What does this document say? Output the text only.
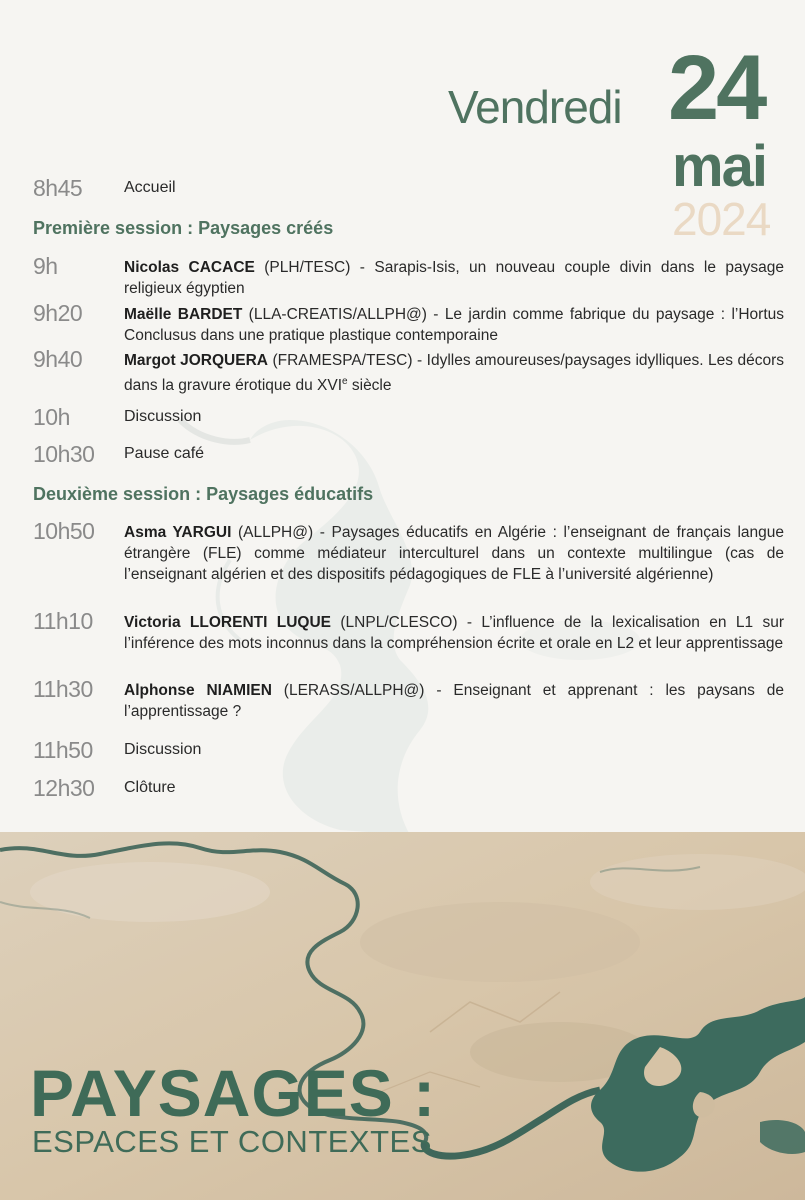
Vendredi 24
mai
2024
8h45	Accueil
Première session : Paysages créés
9h	Nicolas CACACE (PLH/TESC) - Sarapis-Isis, un nouveau couple divin dans le paysage religieux égyptien
9h20	Maëlle BARDET (LLA-CREATIS/ALLPH@) - Le jardin comme fabrique du paysage : l’Hortus Conclusus dans une pratique plastique contemporaine
9h40	Margot JORQUERA (FRAMESPA/TESC) - Idylles amoureuses/paysages idylliques. Les décors dans la gravure érotique du XVIe siècle
10h	Discussion
10h30 Pause café
Deuxième session : Paysages éducatifs
10h50 Asma YARGUI (ALLPH@) - Paysages éducatifs en Algérie : l’enseignant de français langue étrangère (FLE) comme médiateur interculturel dans un contexte multilingue (cas de l’enseignant algérien et des dispositifs pédagogiques de FLE à l’université algérienne)
11h10 Victoria LLORENTI LUQUE (LNPL/CLESCO) - L’influence de la lexicalisation en L1 sur l’inférence des mots inconnus dans la compréhension écrite et orale en L2 et leur apprentissage
11h30 Alphonse NIAMIEN (LERASS/ALLPH@) - Enseignant et apprenant : les paysans de l’apprentissage ?
11h50 Discussion
12h30 Clôture
PAYSAGES :
ESPACES ET CONTEXTES
